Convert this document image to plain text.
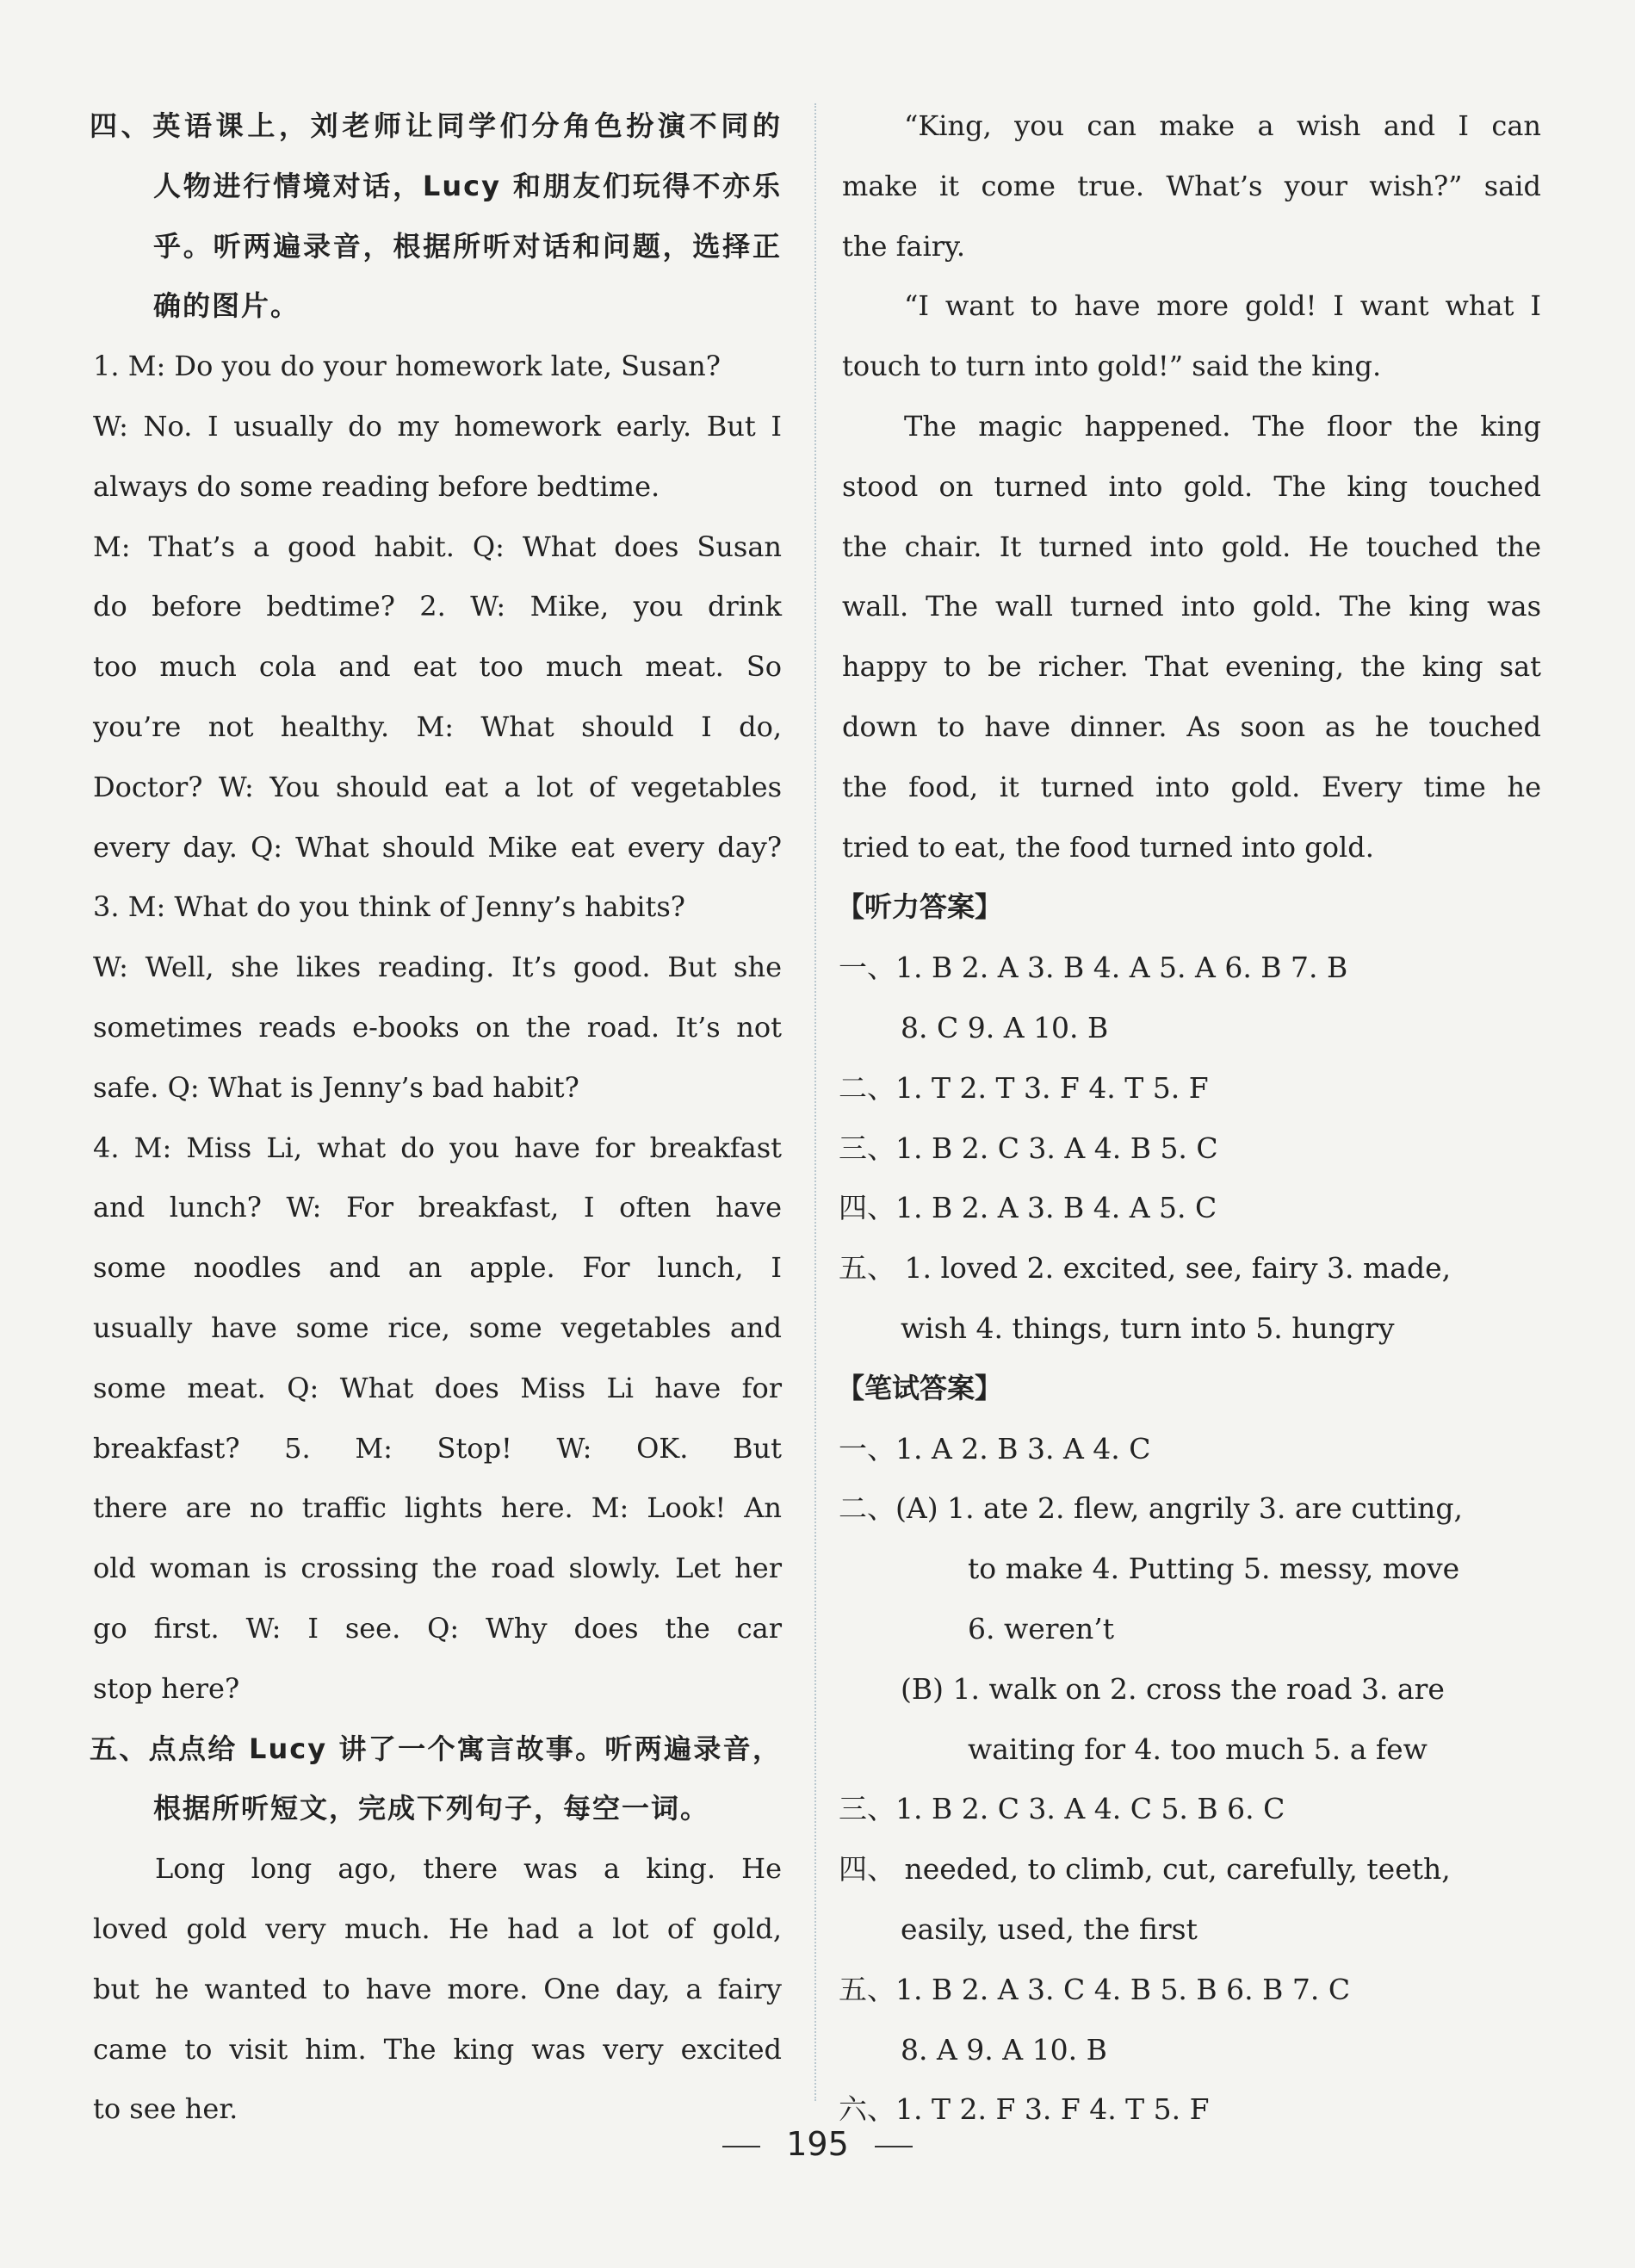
四、英语课上，刘老师让同学们分角色扮演不同的
人物进行情境对话，Lucy 和朋友们玩得不亦乐
乎。听两遍录音，根据所听对话和问题，选择正
确的图片。
1. M: Do you do your homework late, Susan?
W: No. I usually do my homework early. But I
always do some reading before bedtime.
M: That’s a good habit. Q: What does Susan
do before bedtime? 2. W: Mike, you drink
too much cola and eat too much meat. So
you’re not healthy. M: What should I do,
Doctor? W: You should eat a lot of vegetables
every day. Q: What should Mike eat every day?
3. M: What do you think of Jenny’s habits?
W: Well, she likes reading. It’s good. But she
sometimes reads e-books on the road. It’s not
safe. Q: What is Jenny’s bad habit?
4. M: Miss Li, what do you have for breakfast
and lunch? W: For breakfast, I often have
some noodles and an apple. For lunch, I
usually have some rice, some vegetables and
some meat. Q: What does Miss Li have for
breakfast? 5. M: Stop! W: OK. But
there are no traffic lights here. M: Look! An
old woman is crossing the road slowly. Let her
go first. W: I see. Q: Why does the car
stop here?
五、点点给 Lucy 讲了一个寓言故事。听两遍录音，
根据所听短文，完成下列句子，每空一词。
Long long ago, there was a king. He
loved gold very much. He had a lot of gold,
but he wanted to have more. One day, a fairy
came to visit him. The king was very excited
to see her.
“King, you can make a wish and I can
make it come true. What’s your wish?” said
the fairy.
“I want to have more gold! I want what I
touch to turn into gold!” said the king.
The magic happened. The floor the king
stood on turned into gold. The king touched
the chair. It turned into gold. He touched the
wall. The wall turned into gold. The king was
happy to be richer. That evening, the king sat
down to have dinner. As soon as he touched
the food, it turned into gold. Every time he
tried to eat, the food turned into gold.
【听力答案】
一、1. B 2. A 3. B 4. A 5. A 6. B 7. B
8. C 9. A 10. B
二、1. T 2. T 3. F 4. T 5. F
三、1. B 2. C 3. A 4. B 5. C
四、1. B 2. A 3. B 4. A 5. C
五、 1. loved 2. excited, see, fairy 3. made,
wish 4. things, turn into 5. hungry
【笔试答案】
一、1. A 2. B 3. A 4. C
二、(A) 1. ate 2. flew, angrily 3. are cutting,
to make 4. Putting 5. messy, move
6. weren’t
(B) 1. walk on 2. cross the road 3. are
waiting for 4. too much 5. a few
三、1. B 2. C 3. A 4. C 5. B 6. C
四、 needed, to climb, cut, carefully, teeth,
easily, used, the first
五、1. B 2. A 3. C 4. B 5. B 6. B 7. C
8. A 9. A 10. B
六、1. T 2. F 3. F 4. T 5. F
195
